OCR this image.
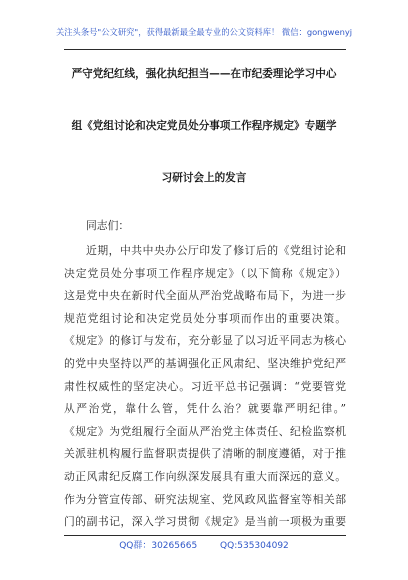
关注头条号"公文研究"，获得最新最全最专业的公文资料库！ 微信：gongwenyj
严守党纪红线，强化执纪担当——在市纪委理论学习中心
组《党组讨论和决定党员处分事项工作程序规定》专题学
习研讨会上的发言
同志们：
近期，中共中央办公厅印发了修订后的《党组讨论和
决定党员处分事项工作程序规定》（以下简称《规定》）
这是党中央在新时代全面从严治党战略布局下，为进一步
规范党组讨论和决定党员处分事项而作出的重要决策。
《规定》的修订与发布，充分彰显了以习近平同志为核心
的党中央坚持以严的基调强化正风肃纪、坚决维护党纪严
肃性权威性的坚定决心。习近平总书记强调：“党要管党
从严治党，靠什么管，凭什么治？就要靠严明纪律。”
《规定》为党组履行全面从严治党主体责任、纪检监察机
关派驻机构履行监督职责提供了清晰的制度遵循，对于推
动正风肃纪反腐工作向纵深发展具有重大而深远的意义。
作为分管宣传部、研究法规室、党风政风监督室等相关部
门的副书记，深入学习贯彻《规定》是当前一项极为重要
QQ群：30265665	QQ:535304092
